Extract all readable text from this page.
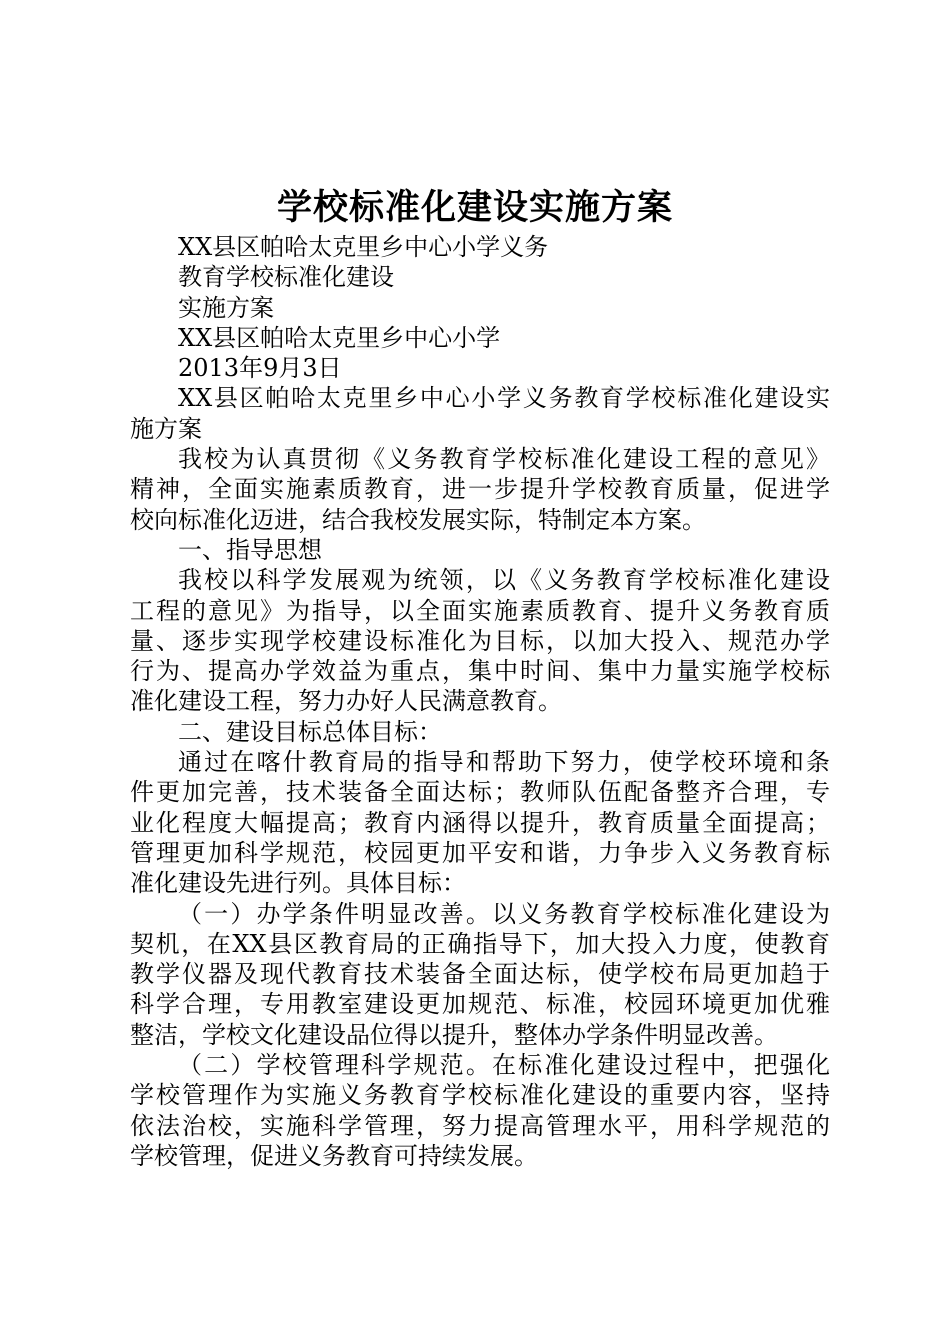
学校标准化建设实施方案
XX县区帕哈太克里乡中心小学义务
教育学校标准化建设
实施方案
XX县区帕哈太克里乡中心小学
2013年9月3日
XX县区帕哈太克里乡中心小学义务教育学校标准化建设实
施方案
我校为认真贯彻《义务教育学校标准化建设工程的意见》
精神，全面实施素质教育，进一步提升学校教育质量，促进学
校向标准化迈进，结合我校发展实际，特制定本方案。
一、指导思想
我校以科学发展观为统领，以《义务教育学校标准化建设
工程的意见》为指导，以全面实施素质教育、提升义务教育质
量、逐步实现学校建设标准化为目标，以加大投入、规范办学
行为、提高办学效益为重点，集中时间、集中力量实施学校标
准化建设工程，努力办好人民满意教育。
二、建设目标总体目标：
通过在喀什教育局的指导和帮助下努力，使学校环境和条
件更加完善，技术装备全面达标；教师队伍配备整齐合理，专
业化程度大幅提高；教育内涵得以提升，教育质量全面提高；
管理更加科学规范，校园更加平安和谐，力争步入义务教育标
准化建设先进行列。具体目标：
（一）办学条件明显改善。以义务教育学校标准化建设为
契机，在XX县区教育局的正确指导下，加大投入力度，使教育
教学仪器及现代教育技术装备全面达标，使学校布局更加趋于
科学合理，专用教室建设更加规范、标准，校园环境更加优雅
整洁，学校文化建设品位得以提升，整体办学条件明显改善。
（二）学校管理科学规范。在标准化建设过程中，把强化
学校管理作为实施义务教育学校标准化建设的重要内容，坚持
依法治校，实施科学管理，努力提高管理水平，用科学规范的
学校管理，促进义务教育可持续发展。
